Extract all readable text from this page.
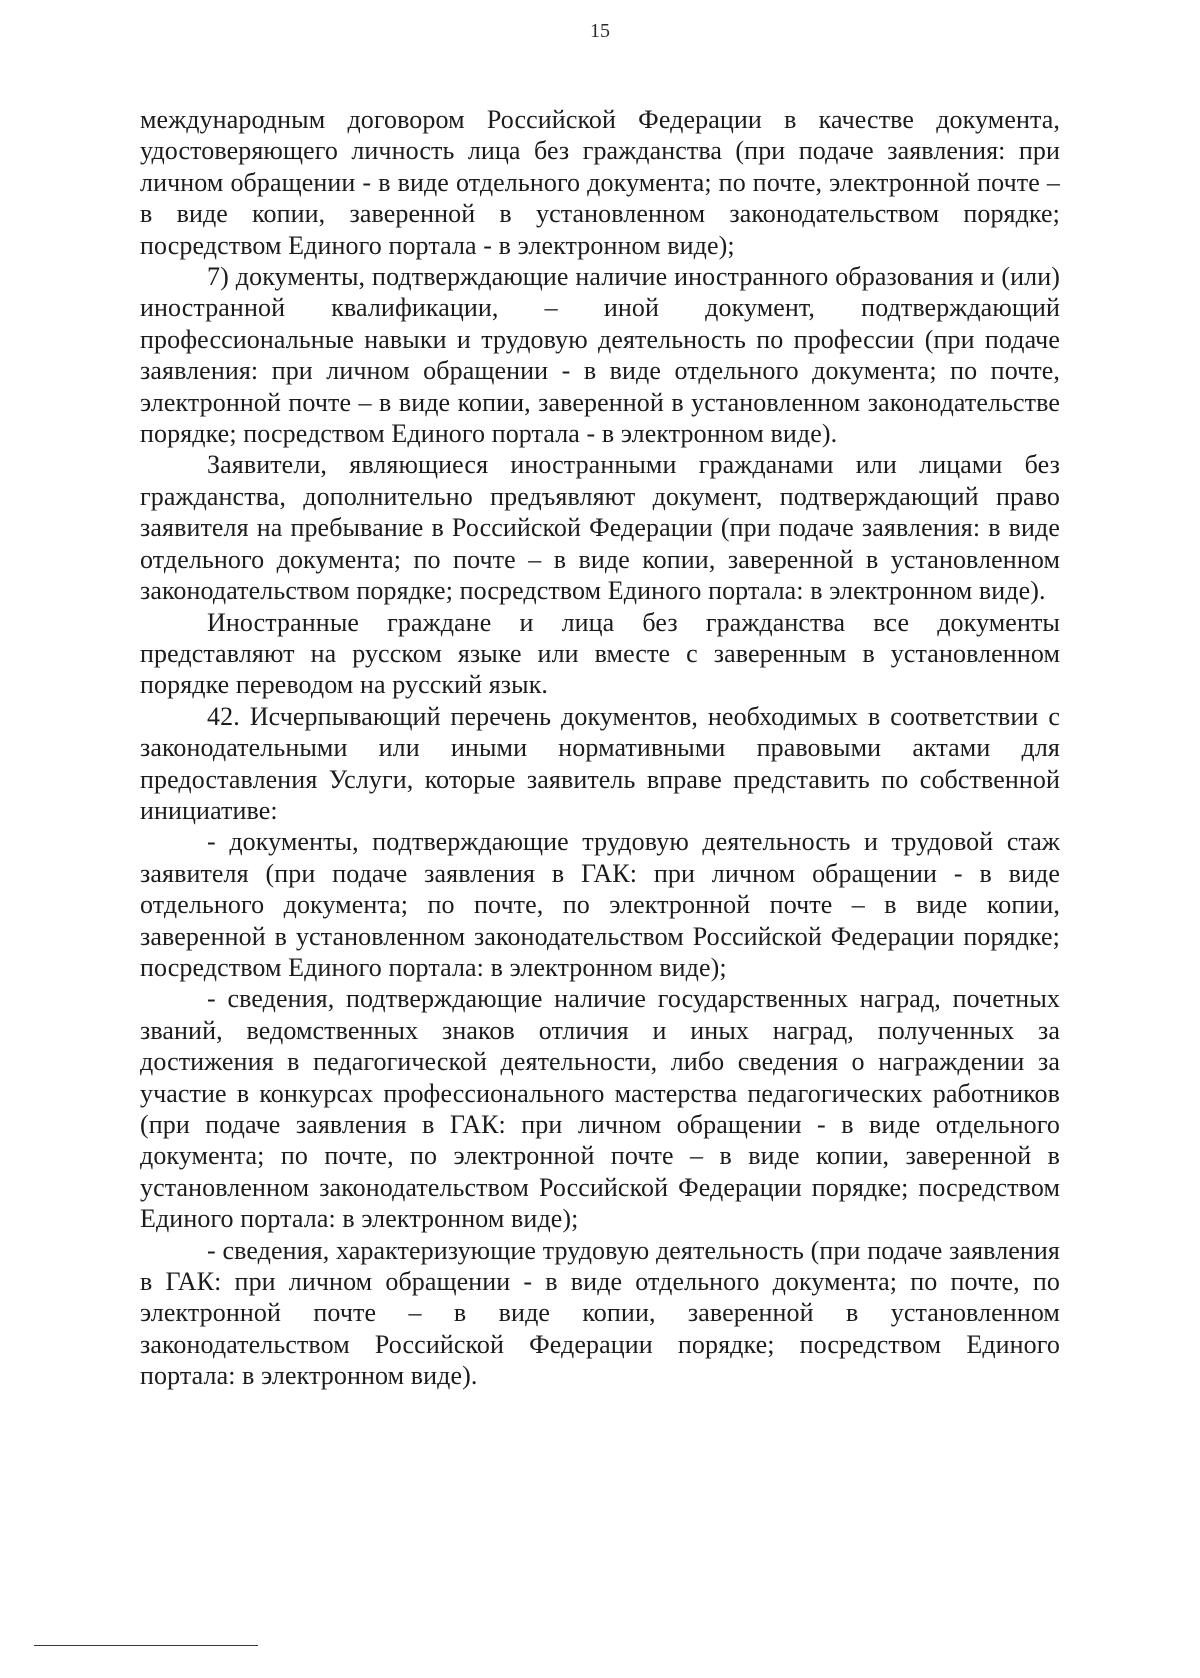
15

международным договором Российской Федерации в качестве документа, удостоверяющего личность лица без гражданства (при подаче заявления: при личном обращении - в виде отдельного документа; по почте, электронной почте – в виде копии, заверенной в установленном законодательством порядке; посредством Единого портала - в электронном виде);

7) документы, подтверждающие наличие иностранного образования и (или) иностранной квалификации, – иной документ, подтверждающий профессиональные навыки и трудовую деятельность по профессии (при подаче заявления: при личном обращении - в виде отдельного документа; по почте, электронной почте – в виде копии, заверенной в установленном законодательстве порядке; посредством Единого портала - в электронном виде).

Заявители, являющиеся иностранными гражданами или лицами без гражданства, дополнительно предъявляют документ, подтверждающий право заявителя на пребывание в Российской Федерации (при подаче заявления: в виде отдельного документа; по почте – в виде копии, заверенной в установленном законодательством порядке; посредством Единого портала: в электронном виде).

Иностранные граждане и лица без гражданства все документы представляют на русском языке или вместе с заверенным в установленном порядке переводом на русский язык.

42. Исчерпывающий перечень документов, необходимых в соответствии с законодательными или иными нормативными правовыми актами для предоставления Услуги, которые заявитель вправе представить по собственной инициативе:

- документы, подтверждающие трудовую деятельность и трудовой стаж заявителя (при подаче заявления в ГАК: при личном обращении - в виде отдельного документа; по почте, по электронной почте – в виде копии, заверенной в установленном законодательством Российской Федерации порядке; посредством Единого портала: в электронном виде);

- сведения, подтверждающие наличие государственных наград, почетных званий, ведомственных знаков отличия и иных наград, полученных за достижения в педагогической деятельности, либо сведения о награждении за участие в конкурсах профессионального мастерства педагогических работников (при подаче заявления в ГАК: при личном обращении - в виде отдельного документа; по почте, по электронной почте – в виде копии, заверенной в установленном законодательством Российской Федерации порядке; посредством Единого портала: в электронном виде);

- сведения, характеризующие трудовую деятельность (при подаче заявления в ГАК: при личном обращении - в виде отдельного документа; по почте, по электронной почте – в виде копии, заверенной в установленном законодательством Российской Федерации порядке; посредством Единого портала: в электронном виде).
